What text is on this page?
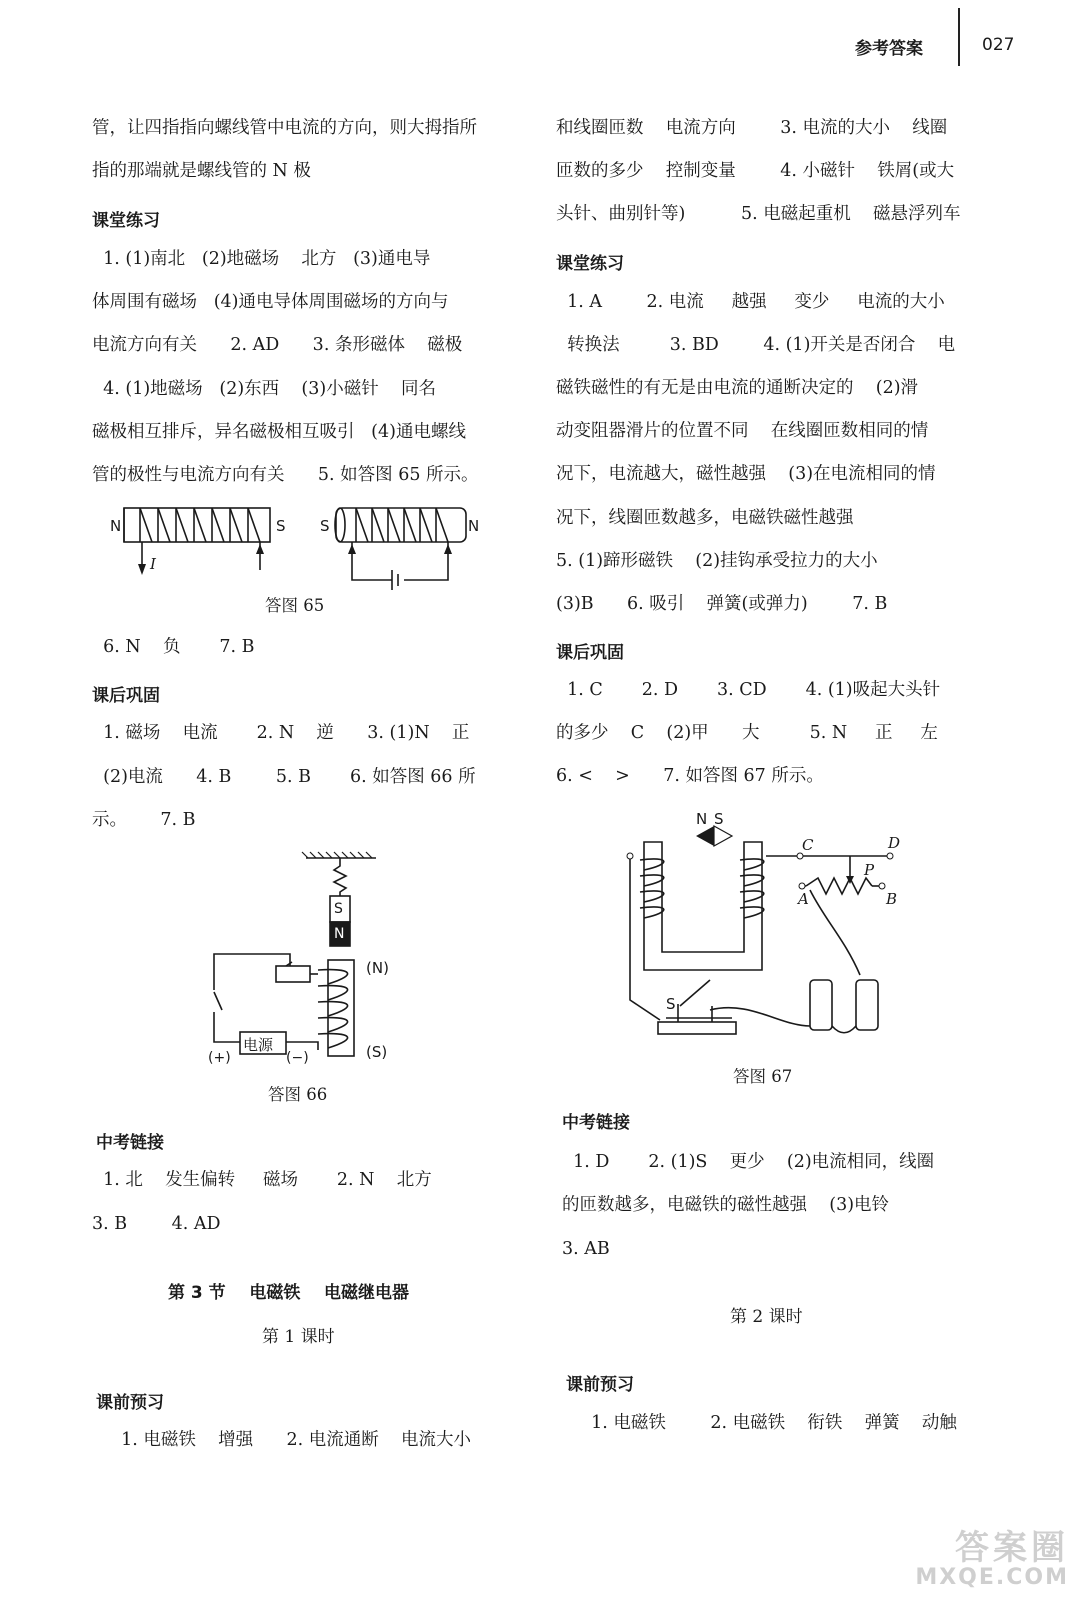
参考答案	027
管，让四指指向螺线管中电流的方向，则大拇指所
指的那端就是螺线管的 N 极
课堂练习
1. (1)南北   (2)地磁场    北方   (3)通电导
体周围有磁场   (4)通电导体周围磁场的方向与
电流方向有关      2. AD      3. 条形磁体    磁极
4. (1)地磁场   (2)东西    (3)小磁针    同名
磁极相互排斥，异名磁极相互吸引   (4)通电螺线
管的极性与电流方向有关      5. 如答图 65 所示。
N	S S	N
I
答图 65
6. N    负       7. B
课后巩固
1. 磁场    电流       2. N    逆      3. (1)N    正
(2)电流      4. B        5. B       6. 如答图 66 所
示。      7. B
S
N
(N)
(S)
电源
(+)	(−)
答图 66
中考链接
1. 北    发生偏转     磁场       2. N    北方
3. B        4. AD
第 3 节    电磁铁    电磁继电器
第 1 课时
课前预习
1. 电磁铁    增强      2. 电流通断    电流大小
和线圈匝数    电流方向        3. 电流的大小    线圈
匝数的多少    控制变量        4. 小磁针    铁屑(或大
头针、曲别针等)          5. 电磁起重机    磁悬浮列车
课堂练习
1. A        2. 电流     越强     变少     电流的大小
转换法         3. BD        4. (1)开关是否闭合    电
磁铁磁性的有无是由电流的通断决定的    (2)滑
动变阻器滑片的位置不同    在线圈匝数相同的情
况下，电流越大，磁性越强    (3)在电流相同的情
况下，线圈匝数越多，电磁铁磁性越强
5. (1)蹄形磁铁    (2)挂钩承受拉力的大小
(3)B      6. 吸引    弹簧(或弹力)        7. B
课后巩固
1. C       2. D       3. CD       4. (1)吸起大头针
的多少    C    (2)甲      大         5. N     正     左
6. <    >      7. 如答图 67 所示。
N S
C	D
P
A	B
S
答图 67
中考链接
1. D       2. (1)S    更少    (2)电流相同，线圈
的匝数越多，电磁铁的磁性越强    (3)电铃
3. AB
第 2 课时
课前预习
1. 电磁铁        2. 电磁铁    衔铁    弹簧    动触
答案圈
MXQE.COM
